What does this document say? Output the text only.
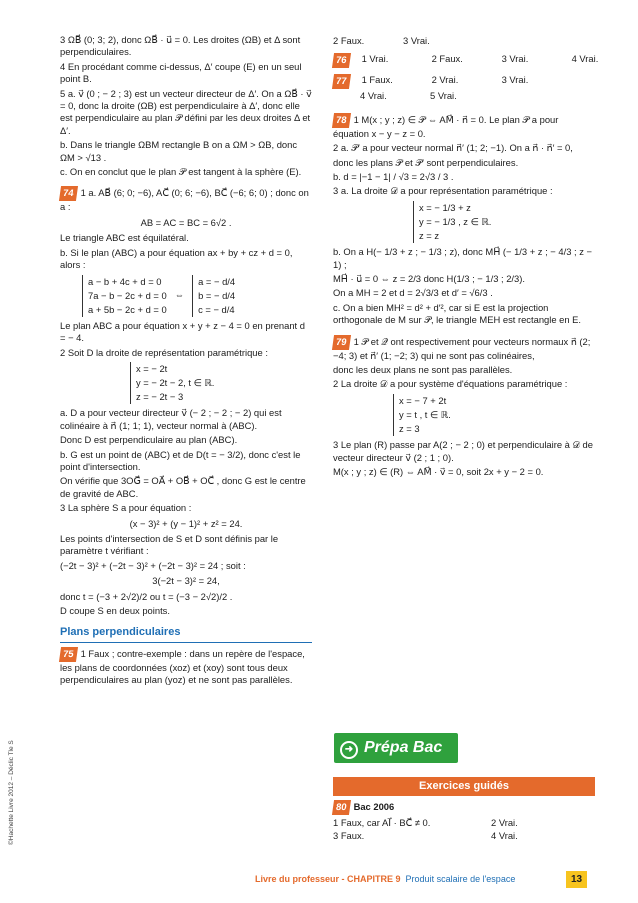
©Hachette Livre 2012 – Déclic Tle S

3 ΩB⃗ (0; 3; 2), donc ΩB⃗ · u⃗ = 0. Les droites (ΩB) et Δ sont perpendiculaires.

4 En procédant comme ci-dessus, Δ′ coupe (E) en un seul point B.

5 a. v⃗ (0 ; − 2 ; 3) est un vecteur directeur de Δ′. On a ΩB⃗ · v⃗ = 0, donc la droite (ΩB) est perpendiculaire à Δ′, donc elle est perpendiculaire au plan 𝒫 défini par les deux droites Δ et Δ′.

b. Dans le triangle ΩBM rectangle B on a ΩM > ΩB, donc ΩM > √13 .

c. On en conclut que le plan 𝒫 est tangent à la sphère (E).

74 1 a. AB⃗ (6; 0; −6), AC⃗ (0; 6; −6), BC⃗ (−6; 6; 0) ; donc on a :

AB = AC = BC = 6√2 .

Le triangle ABC est équilatéral.

b. Si le plan (ABC) a pour équation ax + by + cz + d = 0, alors :

a − b + 4c + d = 0
7a − b − 2c + d = 0
a + 5b − 2c + d = 0
⇔
a = − d/4
b = − d/4
c = − d/4

Le plan ABC a pour équation x + y + z − 4 = 0 en prenant d = − 4.

2 Soit D la droite de représentation paramétrique :

x = − 2t
y = − 2t − 2, t ∈ ℝ.
z = − 2t − 3

a. D a pour vecteur directeur v⃗ (− 2 ; − 2 ; − 2) qui est colinéaire à n⃗ (1; 1; 1), vecteur normal à (ABC).

Donc D est perpendiculaire au plan (ABC).

b. G est un point de (ABC) et de D(t = − 3/2), donc c'est le point d'intersection.

On vérifie que 3OG⃗ = OA⃗ + OB⃗ + OC⃗ , donc G est le centre de gravité de ABC.

3 La sphère S a pour équation :

(x − 3)² + (y − 1)² + z² = 24.

Les points d'intersection de S et D sont définis par le paramètre t vérifiant :

(−2t − 3)² + (−2t − 3)² + (−2t − 3)² = 24 ; soit :

3(−2t − 3)² = 24,

donc t = (−3 + 2√2)/2 ou t = (−3 − 2√2)/2 .

D coupe S en deux points.

Plans perpendiculaires

75 1 Faux ; contre-exemple : dans un repère de l'espace, les plans de coordonnées (xoz) et (xoy) sont tous deux perpendiculaires au plan (yoz) et ne sont pas parallèles.

2 Faux.	3 Vrai.
76	1 Vrai.	2 Faux.	3 Vrai.	4 Vrai.
77	1 Faux.	2 Vrai.	3 Vrai.
4 Vrai.	5 Vrai.

78 1 M(x ; y ; z) ∈ 𝒫 ⇔ AM⃗ · n⃗ = 0. Le plan 𝒫 a pour équation x − y − z = 0.

2 a. 𝒫′ a pour vecteur normal n⃗′ (1; 2; −1). On a n⃗ · n⃗′ = 0,

donc les plans 𝒫 et 𝒫′ sont perpendiculaires.

b. d = |−1 − 1| / √3 = 2√3 / 3 .

3 a. La droite 𝒟 a pour représentation paramétrique :

x = − 1/3 + z
y = − 1/3 , z ∈ ℝ.
z = z

b. On a H(− 1/3 + z ; − 1/3 ; z), donc MH⃗ (− 1/3 + z ; − 4/3 ; z − 1) ;

MH⃗ · u⃗ = 0 ⇔ z = 2/3 donc H(1/3 ; − 1/3 ; 2/3).

On a MH = 2 et d = 2√3/3 et d′ = √6/3 .

c. On a bien MH² = d² + d′², car si E est la projection orthogonale de M sur 𝒫, le triangle MEH est rectangle en E.

79 1 𝒫 et 𝒬 ont respectivement pour vecteurs normaux n⃗ (2; −4; 3) et n⃗′ (1; −2; 3) qui ne sont pas colinéaires,

donc les deux plans ne sont pas parallèles.

2 La droite 𝒟 a pour système d'équations paramétrique :

x = − 7 + 2t
y = t , t ∈ ℝ.
z = 3

3 Le plan (R) passe par A(2 ; − 2 ; 0) et perpendiculaire à 𝒟 de vecteur directeur v⃗ (2 ; 1 ; 0).

M(x ; y ; z) ∈ (R) ⇔ AM⃗ · v⃗ = 0, soit 2x + y − 2 = 0.

➜ Prépa Bac
Exercices guidés

80 Bac 2006

1 Faux, car AI⃗ · BC⃗ ≠ 0.	2 Vrai.
3 Faux.	4 Vrai.
Livre du professeur - CHAPITRE 9 Produit scalaire de l'espace	13
